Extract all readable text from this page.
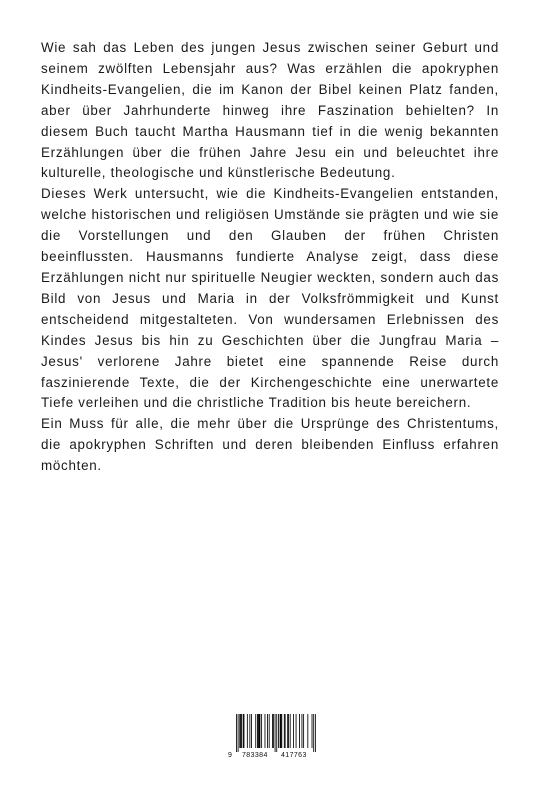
Wie sah das Leben des jungen Jesus zwischen seiner Geburt und seinem zwölften Lebensjahr aus? Was erzählen die apokryphen Kindheits-Evangelien, die im Kanon der Bibel keinen Platz fanden, aber über Jahrhunderte hinweg ihre Faszination behielten? In diesem Buch taucht Martha Hausmann tief in die wenig bekannten Erzählungen über die frühen Jahre Jesu ein und beleuchtet ihre kulturelle, theologische und künstlerische Bedeutung.

Dieses Werk untersucht, wie die Kindheits-Evangelien entstanden, welche historischen und religiösen Umstände sie prägten und wie sie die Vorstellungen und den Glauben der frühen Christen beeinflussten. Hausmanns fundierte Analyse zeigt, dass diese Erzählungen nicht nur spirituelle Neugier weckten, sondern auch das Bild von Jesus und Maria in der Volksfrömmigkeit und Kunst entscheidend mitgestalteten. Von wundersamen Erlebnissen des Kindes Jesus bis hin zu Geschichten über die Jungfrau Maria – Jesus' verlorene Jahre bietet eine spannende Reise durch faszinierende Texte, die der Kirchengeschichte eine unerwartete Tiefe verleihen und die christliche Tradition bis heute bereichern.

Ein Muss für alle, die mehr über die Ursprünge des Christentums, die apokryphen Schriften und deren bleibenden Einfluss erfahren möchten.

9 783384 417763
